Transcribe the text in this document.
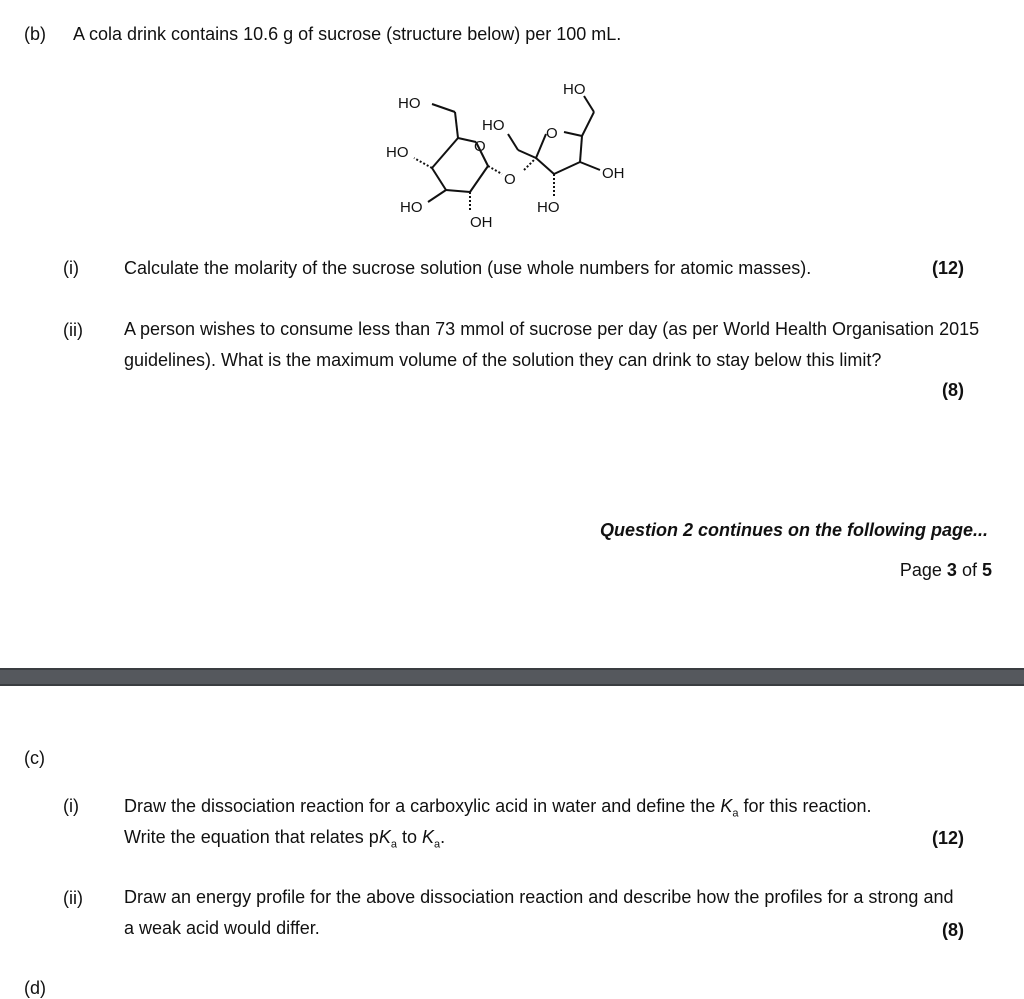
(b) A cola drink contains 10.6 g of sucrose (structure below) per 100 mL.
HO
HO
HO
HO
HO
OH
HO
OH
O
O
O
(i)	Calculate the molarity of the sucrose solution (use whole numbers for atomic masses).	(12)
(ii) A person wishes to consume less than 73 mmol of sucrose per day (as per World Health Organisation 2015 guidelines). What is the maximum volume of the solution they can drink to stay below this limit?
(8)
Question 2 continues on the following page...
Page 3 of 5
(c)
(i)	Draw the dissociation reaction for a carboxylic acid in water and define the $K_a$ for this reaction.
Write the equation that relates $pK_a$ to $K_a$.	(12)
(ii) Draw an energy profile for the above dissociation reaction and describe how the profiles for a strong and a weak acid would differ.	(8)
(d)
